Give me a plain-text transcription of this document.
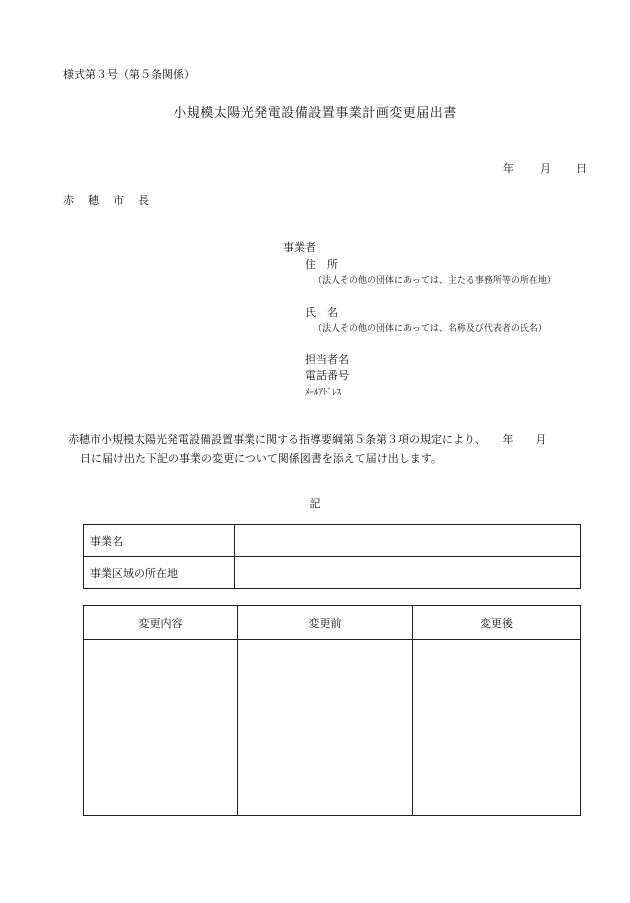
様式第３号（第５条関係）
小規模太陽光発電設備設置事業計画変更届出書
年 月 日
赤穂市長
事業者
住　所
（法人その他の団体にあっては、主たる事務所等の所在地）
氏　名
（法人その他の団体にあっては、名称及び代表者の氏名）
担当者名
電話番号
ﾒｰﾙｱﾄﾞﾚｽ
赤穂市小規模太陽光発電設備設置事業に関する指導要綱第５条第３項の規定により、　　年　　月
日に届け出た下記の事業の変更について関係図書を添えて届け出します。
記
事業名	
事業区域の所在地	
変更内容	変更前	変更後
